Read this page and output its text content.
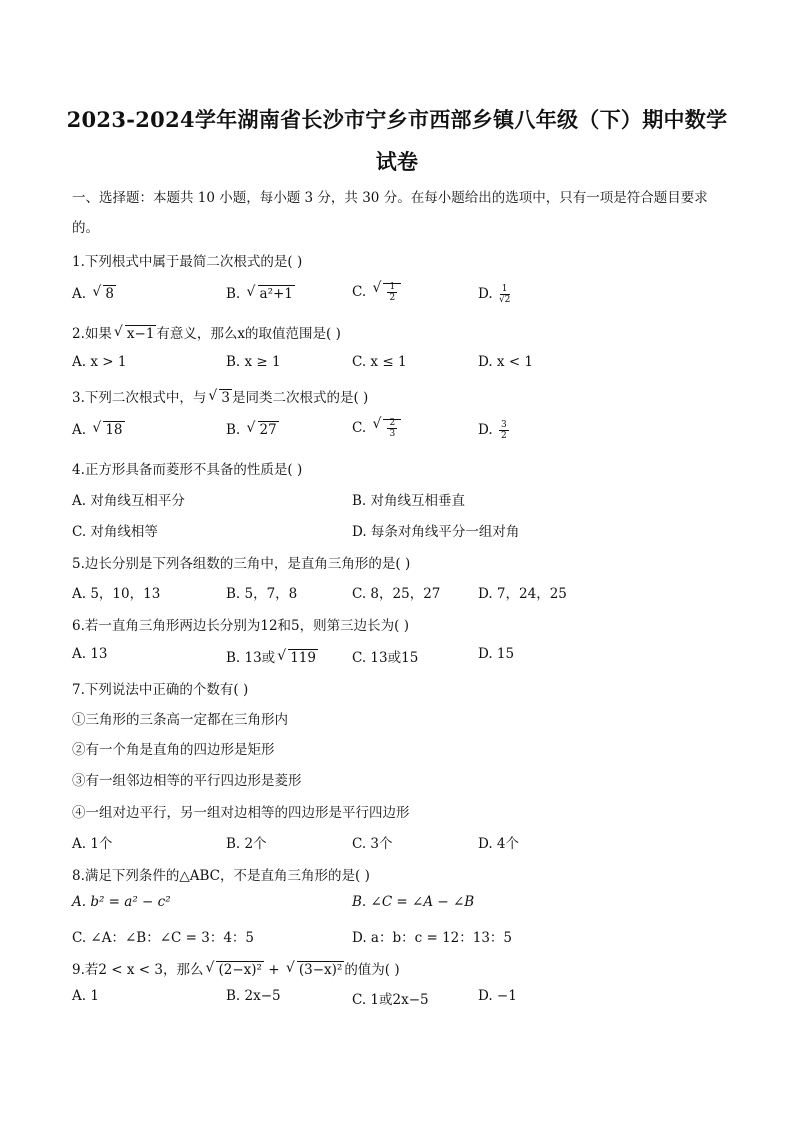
2023-2024学年湖南省长沙市宁乡市西部乡镇八年级（下）期中数学
试卷
一、选择题：本题共 10 小题，每小题 3 分，共 30 分。在每小题给出的选项中，只有一项是符合题目要求
的。
1.下列根式中属于最简二次根式的是( )
A. √ 8	B. √ a²+1	C. √ $\frac{1}{2}$	D. $\frac{1}{√2}$
2.如果 √ x−1 有意义，那么x的取值范围是( )
A. x > 1	B. x ≥ 1	C. x ≤ 1	D. x < 1
3.下列二次根式中，与 √ 3 是同类二次根式的是( )
A. √ 18	B. √ 27	C. √ $\frac{2}{3}$	D. $\frac{3}{2}$
4.正方形具备而菱形不具备的性质是( )
A. 对角线互相平分	B. 对角线互相垂直
C. 对角线相等	D. 每条对角线平分一组对角
5.边长分别是下列各组数的三角中，是直角三角形的是( )
A. 5，10，13	B. 5，7，8	C. 8，25，27	D. 7，24，25
6.若一直角三角形两边长分别为12和5，则第三边长为( )
A. 13	B. 13或 √ 119	C. 13或15	D. 15
7.下列说法中正确的个数有( )
①三角形的三条高一定都在三角形内
②有一个角是直角的四边形是矩形
③有一组邻边相等的平行四边形是菱形
④一组对边平行，另一组对边相等的四边形是平行四边形
A. 1个	B. 2个	C. 3个	D. 4个
8.满足下列条件的△ABC，不是直角三角形的是( )
A. b² = a² − c²	B. ∠C = ∠A − ∠B
C. ∠A：∠B：∠C = 3：4：5	D. a：b：c = 12：13：5
9.若2 < x < 3，那么 √ (2−x)² + √ (3−x)² 的值为( )
A. 1	B. 2x−5	C. 1或2x−5	D. −1
